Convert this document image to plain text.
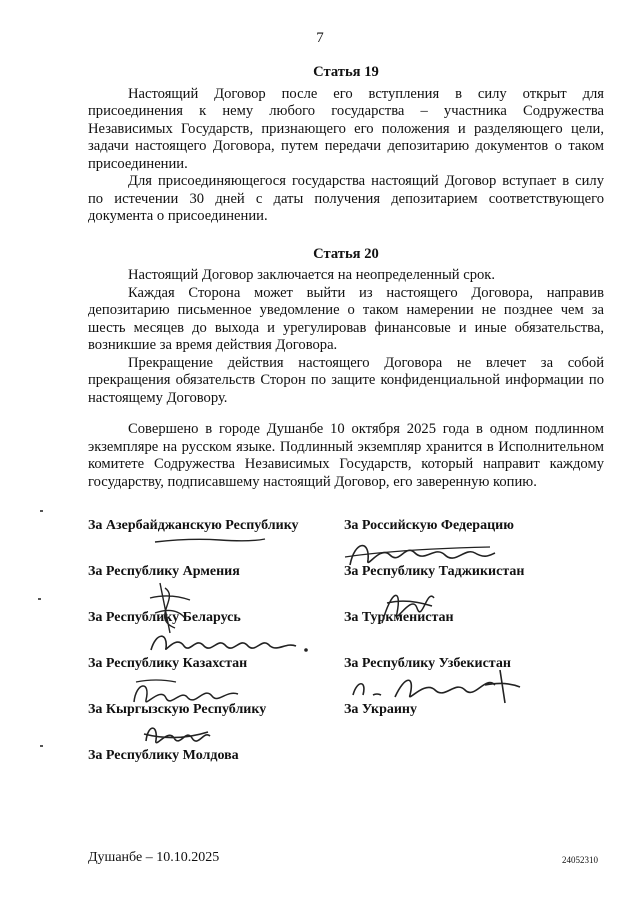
7
Статья 19

Настоящий Договор после его вступления в силу открыт для присоединения к нему любого государства – участника Содружества Независимых Государств, признающего его положения и разделяющего цели, задачи настоящего Договора, путем передачи депозитарию документов о таком присоединении.

Для присоединяющегося государства настоящий Договор вступает в силу по истечении 30 дней с даты получения депозитарием соответствующего документа о присоединении.

Статья 20

Настоящий Договор заключается на неопределенный срок.

Каждая Сторона может выйти из настоящего Договора, направив депозитарию письменное уведомление о таком намерении не позднее чем за шесть месяцев до выхода и урегулировав финансовые и иные обязательства, возникшие за время действия Договора.

Прекращение действия настоящего Договора не влечет за собой прекращения обязательств Сторон по защите конфиденциальной информации по настоящему Договору.

Совершено в городе Душанбе 10 октября 2025 года в одном подлинном экземпляре на русском языке. Подлинный экземпляр хранится в Исполнительном комитете Содружества Независимых Государств, который направит каждому государству, подписавшему настоящий Договор, его заверенную копию.

За Азербайджанскую Республику	За Российскую Федерацию
За Республику Армения	За Республику Таджикистан
За Республику Беларусь	За Туркменистан
За Республику Казахстан	За Республику Узбекистан
За Кыргызскую Республику	За Украину
За Республику Молдова
Душанбе – 10.10.2025	24052310
